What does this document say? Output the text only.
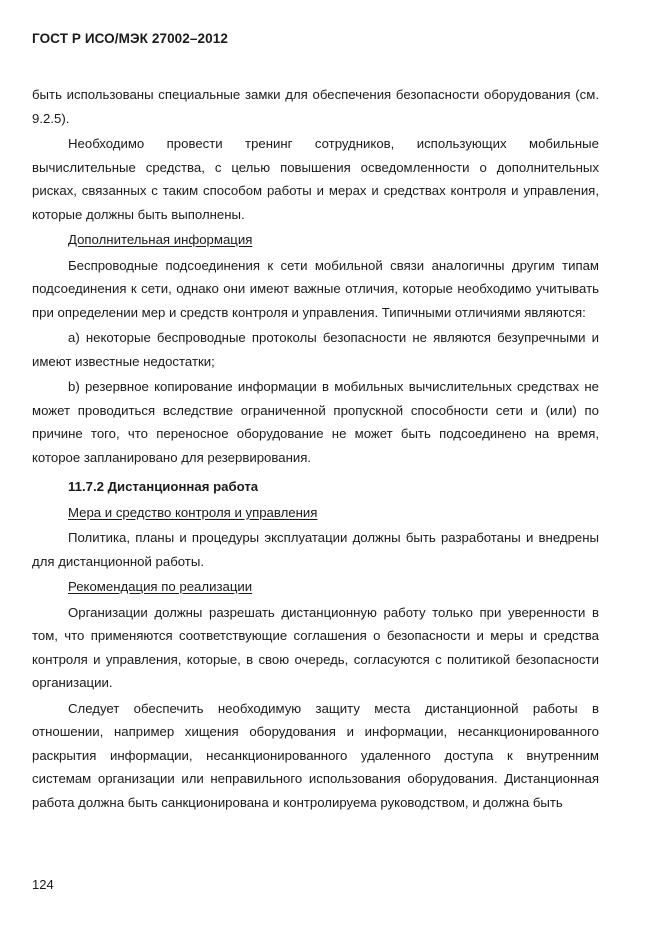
ГОСТ Р ИСО/МЭК 27002–2012

быть использованы специальные замки для обеспечения безопасности оборудования (см. 9.2.5).

Необходимо провести тренинг сотрудников, использующих мобильные вычислительные средства, с целью повышения осведомленности о дополнительных рисках, связанных с таким способом работы и мерах и средствах контроля и управления, которые должны быть выполнены.

Дополнительная информация

Беспроводные подсоединения к сети мобильной связи аналогичны другим типам подсоединения к сети, однако они имеют важные отличия, которые необходимо учитывать при определении мер и средств контроля и управления. Типичными отличиями являются:

а) некоторые беспроводные протоколы безопасности не являются безупречными и имеют известные недостатки;

b) резервное копирование информации в мобильных вычислительных средствах не может проводиться вследствие ограниченной пропускной способности сети и (или) по причине того, что переносное оборудование не может быть подсоединено на время, которое запланировано для резервирования.

11.7.2 Дистанционная работа

Мера и средство контроля и управления

Политика, планы и процедуры эксплуатации должны быть разработаны и внедрены для дистанционной работы.

Рекомендация по реализации

Организации должны разрешать дистанционную работу только при уверенности в том, что применяются соответствующие соглашения о безопасности и меры и средства контроля и управления, которые, в свою очередь, согласуются с политикой безопасности организации.

Следует обеспечить необходимую защиту места дистанционной работы в отношении, например хищения оборудования и информации, несанкционированного раскрытия информации, несанкционированного удаленного доступа к внутренним системам организации или неправильного использования оборудования. Дистанционная работа должна быть санкционирована и контролируема руководством, и должна быть

124
